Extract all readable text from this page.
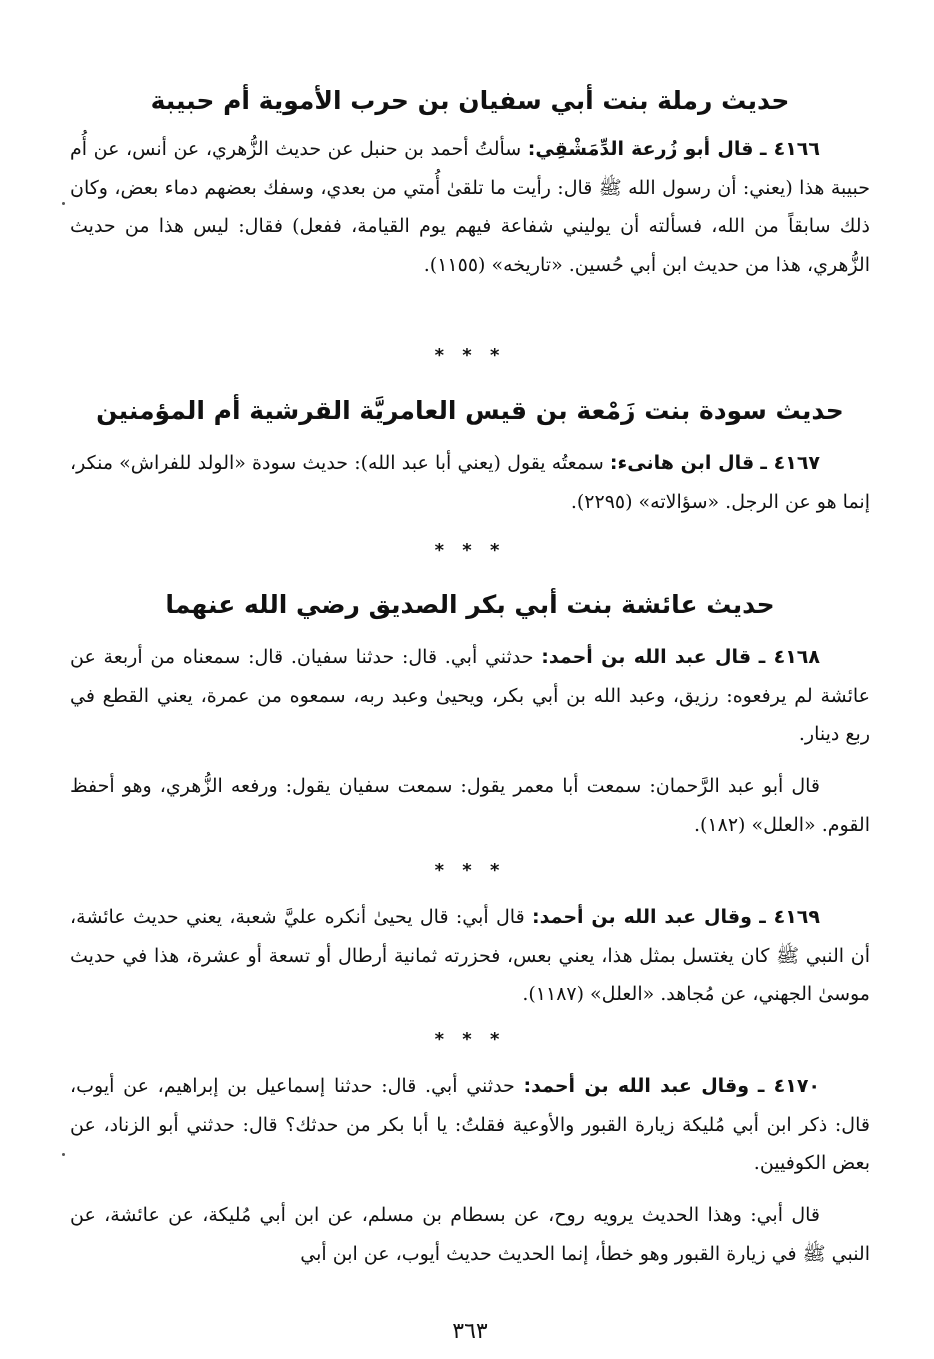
حديث رملة بنت أبي سفيان بن حرب الأموية أم حبيبة
٤١٦٦ ـ قال أبو زُرعة الدِّمَشْقِي: سألتُ أحمد بن حنبل عن حديث الزُّهري، عن أنس، عن أُم حبيبة هذا (يعني: أن رسول الله ﷺ قال: رأيت ما تلقىٰ أُمتي من بعدي، وسفك بعضهم دماء بعض، وكان ذلك سابقاً من الله، فسألته أن يوليني شفاعة فيهم يوم القيامة، ففعل) فقال: ليس هذا من حديث الزُّهري، هذا من حديث ابن أبي حُسين. «تاريخه» (١١٥٥).
* * *
حديث سودة بنت زَمْعة بن قيس العامريَّة القرشية أم المؤمنين
٤١٦٧ ـ قال ابن هانىء: سمعتُه يقول (يعني أبا عبد الله): حديث سودة «الولد للفراش» منكر، إنما هو عن الرجل. «سؤالاته» (٢٢٩٥).
* * *
حديث عائشة بنت أبي بكر الصديق رضي الله عنهما
٤١٦٨ ـ قال عبد الله بن أحمد: حدثني أبي. قال: حدثنا سفيان. قال: سمعناه من أربعة عن عائشة لم يرفعوه: رزيق، وعبد الله بن أبي بكر، ويحيىٰ وعبد ربه، سمعوه من عمرة، يعني القطع في ربع دينار.
قال أبو عبد الرَّحمان: سمعت أبا معمر يقول: سمعت سفيان يقول: ورفعه الزُّهري، وهو أحفظ القوم. «العلل» (١٨٢).
* * *
٤١٦٩ ـ وقال عبد الله بن أحمد: قال أبي: قال يحيىٰ أنكره عليَّ شعبة، يعني حديث عائشة، أن النبي ﷺ كان يغتسل بمثل هذا، يعني بعس، فحزرته ثمانية أرطال أو تسعة أو عشرة، هذا في حديث موسىٰ الجهني، عن مُجاهد. «العلل» (١١٨٧).
* * *
٤١٧٠ ـ وقال عبد الله بن أحمد: حدثني أبي. قال: حدثنا إسماعيل بن إبراهيم، عن أيوب، قال: ذكر ابن أبي مُليكة زيارة القبور والأوعية فقلتُ: يا أبا بكر من حدثك؟ قال: حدثني أبو الزناد، عن بعض الكوفيين.
قال أبي: وهذا الحديث يرويه روح، عن بسطام بن مسلم، عن ابن أبي مُليكة، عن عائشة، عن النبي ﷺ في زيارة القبور وهو خطأ، إنما الحديث حديث أيوب، عن ابن أبي
٣٦٣
